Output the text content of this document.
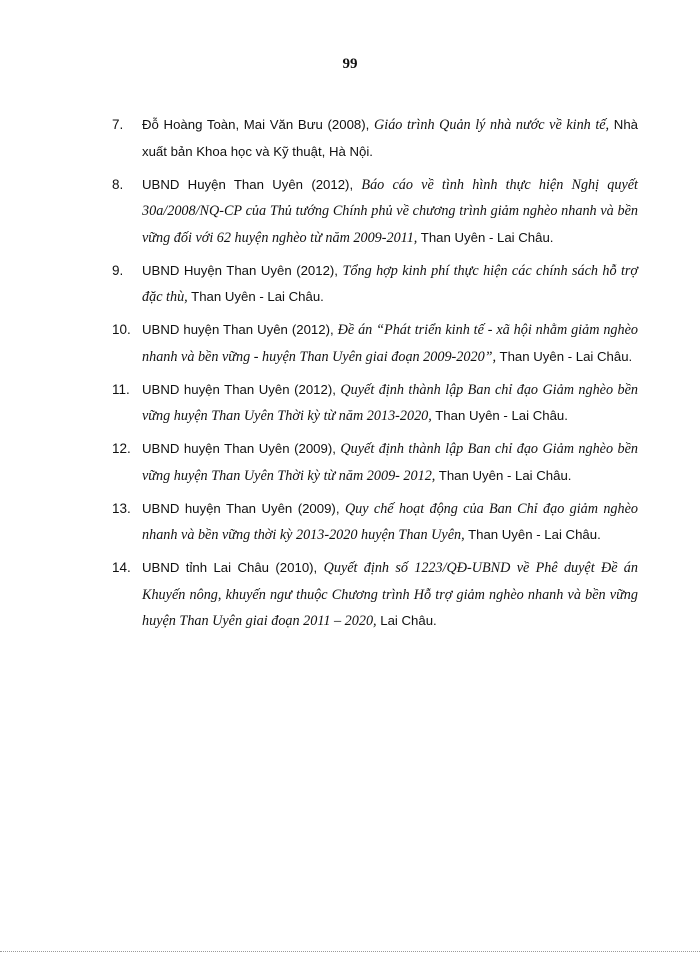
99
7. Đỗ Hoàng Toàn, Mai Văn Bưu (2008), Giáo trình Quản lý nhà nước về kinh tế, Nhà xuất bản Khoa học và Kỹ thuật, Hà Nội.
8. UBND Huyện Than Uyên (2012), Báo cáo về tình hình thực hiện Nghị quyết 30a/2008/NQ-CP của Thủ tướng Chính phủ về chương trình giảm nghèo nhanh và bền vững đối với 62 huyện nghèo từ năm 2009-2011, Than Uyên - Lai Châu.
9. UBND Huyện Than Uyên (2012), Tổng hợp kinh phí thực hiện các chính sách hỗ trợ đặc thù, Than Uyên - Lai Châu.
10. UBND huyện Than Uyên (2012), Đề án “Phát triển kinh tế - xã hội nhằm giảm nghèo nhanh và bền vững - huyện Than Uyên giai đoạn 2009-2020”, Than Uyên - Lai Châu.
11. UBND huyện Than Uyên (2012), Quyết định thành lập Ban chỉ đạo Giảm nghèo bền vững huyện Than Uyên Thời kỳ từ năm 2013-2020, Than Uyên - Lai Châu.
12. UBND huyện Than Uyên (2009), Quyết định thành lập Ban chỉ đạo Giảm nghèo bền vững huyện Than Uyên Thời kỳ từ năm 2009- 2012, Than Uyên - Lai Châu.
13. UBND huyện Than Uyên (2009), Quy chế hoạt động của Ban Chỉ đạo giảm nghèo nhanh và bền vững thời kỳ 2013-2020 huyện Than Uyên, Than Uyên - Lai Châu.
14. UBND tỉnh Lai Châu (2010), Quyết định số 1223/QĐ-UBND về Phê duyệt Đề án Khuyến nông, khuyến ngư thuộc Chương trình Hỗ trợ giảm nghèo nhanh và bền vững huyện Than Uyên giai đoạn 2011 – 2020, Lai Châu.
